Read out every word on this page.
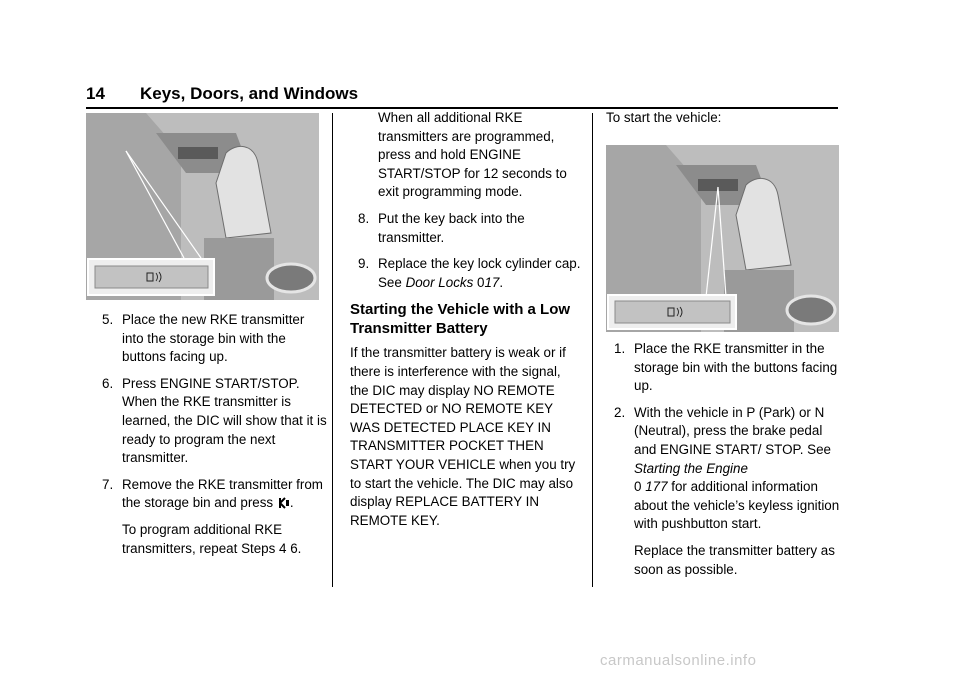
14 Keys, Doors, and Windows
5. Place the new RKE transmitter into the storage bin with the buttons facing up.
6. Press ENGINE START/STOP. When the RKE transmitter is learned, the DIC will show that it is ready to program the next transmitter.
7. Remove the RKE transmitter from the storage bin and press .
To program additional RKE transmitters, repeat Steps 4 6.
When all additional RKE transmitters are programmed, press and hold ENGINE START/STOP for 12 seconds to exit programming mode.
8. Put the key back into the transmitter.
9. Replace the key lock cylinder cap. See Door Locks 017.
Starting the Vehicle with a Low Transmitter Battery
If the transmitter battery is weak or if there is interference with the signal, the DIC may display NO REMOTE DETECTED or NO REMOTE KEY WAS DETECTED PLACE KEY IN TRANSMITTER POCKET THEN START YOUR VEHICLE when you try to start the vehicle. The DIC may also display REPLACE BATTERY IN REMOTE KEY.
To start the vehicle:
1. Place the RKE transmitter in the storage bin with the buttons facing up.
2. With the vehicle in P (Park) or N (Neutral), press the brake pedal and ENGINE START/ STOP. See Starting the Engine
0 177 for additional information about the vehicle’s keyless ignition with pushbutton start.
Replace the transmitter battery as soon as possible.
carmanualsonline.info
